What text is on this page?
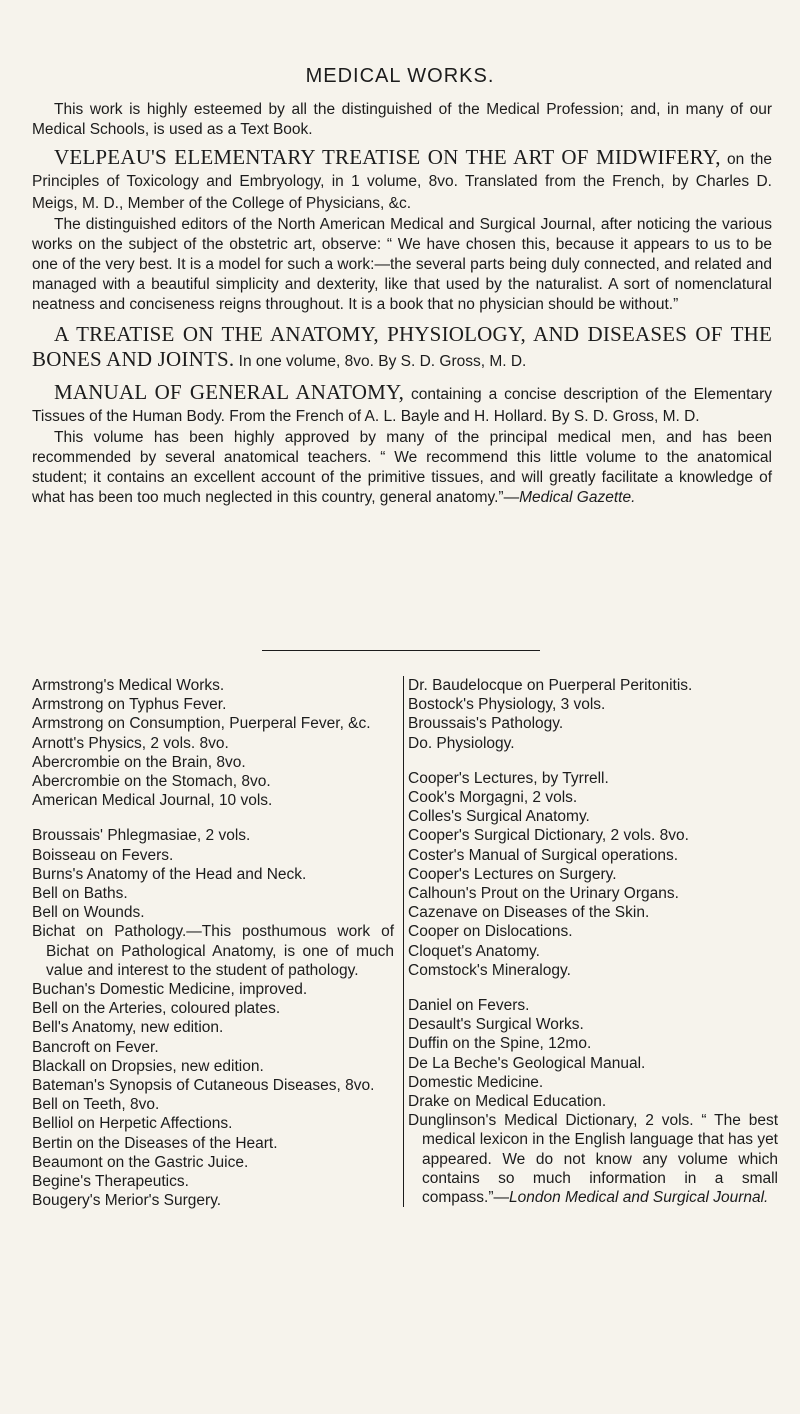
MEDICAL WORKS.

This work is highly esteemed by all the distinguished of the Medical Profession; and, in many of our Medical Schools, is used as a Text Book.

VELPEAU'S ELEMENTARY TREATISE ON THE ART OF MIDWIFERY, on the Principles of Toxicology and Embryology, in 1 volume, 8vo. Translated from the French, by Charles D. Meigs, M. D., Member of the College of Physicians, &c.

The distinguished editors of the North American Medical and Surgical Journal, after noticing the various works on the subject of the obstetric art, observe: “ We have chosen this, because it appears to us to be one of the very best. It is a model for such a work:—the several parts being duly connected, and related and managed with a beautiful simplicity and dexterity, like that used by the naturalist. A sort of nomenclatural neatness and conciseness reigns throughout. It is a book that no physician should be without.”

A TREATISE ON THE ANATOMY, PHYSIOLOGY, AND DISEASES OF THE BONES AND JOINTS. In one volume, 8vo. By S. D. Gross, M. D.

MANUAL OF GENERAL ANATOMY, containing a concise description of the Elementary Tissues of the Human Body. From the French of A. L. Bayle and H. Hollard. By S. D. Gross, M. D.

This volume has been highly approved by many of the principal medical men, and has been recommended by several anatomical teachers. “ We recommend this little volume to the anatomical student; it contains an excellent account of the primitive tissues, and will greatly facilitate a knowledge of what has been too much neglected in this country, general anatomy.”—Medical Gazette.

Armstrong's Medical Works.

Armstrong on Typhus Fever.

Armstrong on Consumption, Puerperal Fever, &c.

Arnott's Physics, 2 vols. 8vo.

Abercrombie on the Brain, 8vo.

Abercrombie on the Stomach, 8vo.

American Medical Journal, 10 vols.

Broussais' Phlegmasiae, 2 vols.

Boisseau on Fevers.

Burns's Anatomy of the Head and Neck.

Bell on Baths.

Bell on Wounds.

Bichat on Pathology.—This posthumous work of Bichat on Pathological Anatomy, is one of much value and interest to the student of pathology.

Buchan's Domestic Medicine, improved.

Bell on the Arteries, coloured plates.

Bell's Anatomy, new edition.

Bancroft on Fever.

Blackall on Dropsies, new edition.

Bateman's Synopsis of Cutaneous Diseases, 8vo.

Bell on Teeth, 8vo.

Belliol on Herpetic Affections.

Bertin on the Diseases of the Heart.

Beaumont on the Gastric Juice.

Begine's Therapeutics.

Bougery's Merior's Surgery.

Dr. Baudelocque on Puerperal Peritonitis.

Bostock's Physiology, 3 vols.

Broussais's Pathology.

Do. Physiology.

Cooper's Lectures, by Tyrrell.

Cook's Morgagni, 2 vols.

Colles's Surgical Anatomy.

Cooper's Surgical Dictionary, 2 vols. 8vo.

Coster's Manual of Surgical operations.

Cooper's Lectures on Surgery.

Calhoun's Prout on the Urinary Organs.

Cazenave on Diseases of the Skin.

Cooper on Dislocations.

Cloquet's Anatomy.

Comstock's Mineralogy.

Daniel on Fevers.

Desault's Surgical Works.

Duffin on the Spine, 12mo.

De La Beche's Geological Manual.

Domestic Medicine.

Drake on Medical Education.

Dunglinson's Medical Dictionary, 2 vols. “ The best medical lexicon in the English language that has yet appeared. We do not know any volume which contains so much information in a small compass.”—London Medical and Surgical Journal.
